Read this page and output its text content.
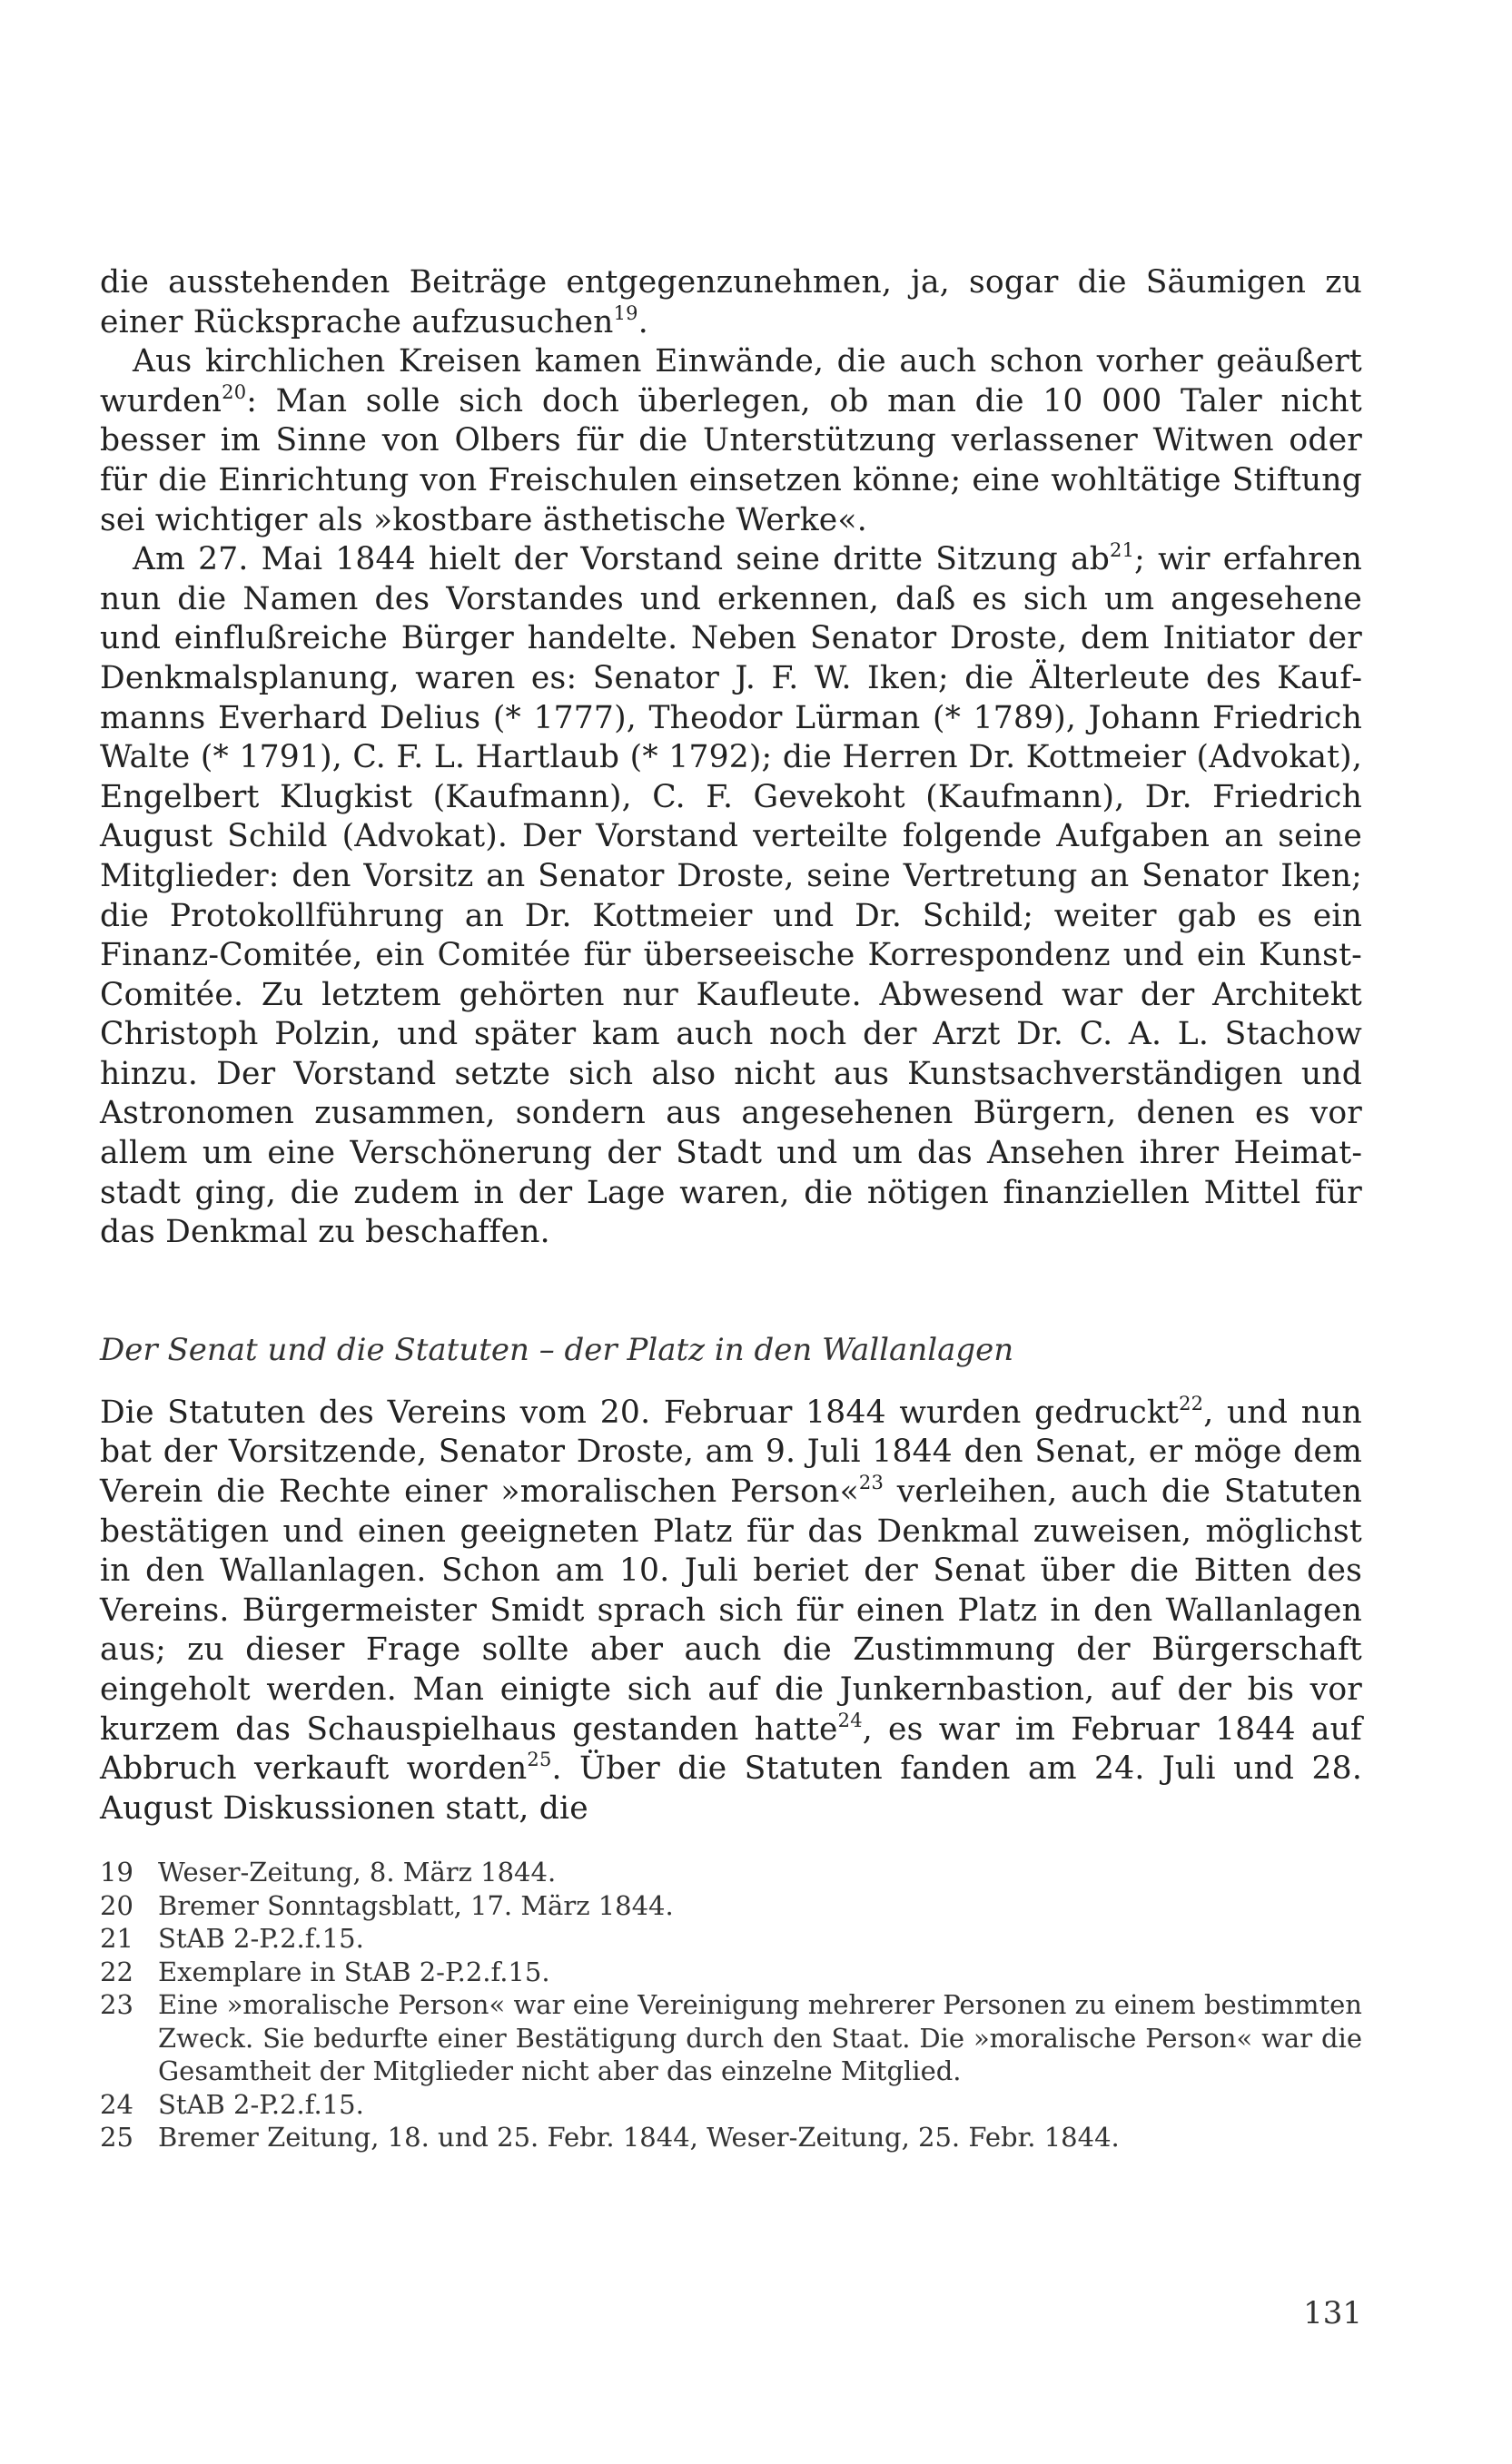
die ausstehenden Beiträge entgegenzunehmen, ja, sogar die Säumigen zu einer Rücksprache aufzusuchen$^{19}$.

Aus kirchlichen Kreisen kamen Einwände, die auch schon vorher geäußert wurden$^{20}$: Man solle sich doch überlegen, ob man die 10 000 Taler nicht besser im Sinne von Olbers für die Unterstützung verlassener Witwen oder für die Einrichtung von Freischulen einsetzen könne; eine wohltätige Stiftung sei wichtiger als »kostbare ästhetische Werke«.

Am 27. Mai 1844 hielt der Vorstand seine dritte Sitzung $ab^{21}$; wir erfahren nun die Namen des Vorstandes und erkennen, daß es sich um angesehene und einflußreiche Bürger handelte. Neben Senator Droste, dem Initiator der Denkmalsplanung, waren es: Senator J. F. W. Iken; die Älterleute des Kaufmanns Everhard Delius (* 1777), Theodor Lürman (* 1789), Johann Friedrich Walte (* 1791), C. F. L. Hartlaub (* 1792); die Herren Dr. Kottmeier (Advokat), Engelbert Klugkist (Kaufmann), C. F. Gevekoht (Kaufmann), Dr. Friedrich August Schild (Advokat). Der Vorstand verteilte folgende Aufgaben an seine Mitglieder: den Vorsitz an Senator Droste, seine Vertretung an Senator Iken; die Protokollführung an Dr. Kottmeier und Dr. Schild; weiter gab es ein Finanz-Comitée, ein Comitée für überseeische Korrespondenz und ein Kunst-Comitée. Zu letztem gehörten nur Kaufleute. Abwesend war der Architekt Christoph Polzin, und später kam auch noch der Arzt Dr. C. A. L. Stachow hinzu. Der Vorstand setzte sich also nicht aus Kunstsachverständigen und Astronomen zusammen, sondern aus angesehenen Bürgern, denen es vor allem um eine Verschönerung der Stadt und um das Ansehen ihrer Heimatstadt ging, die zudem in der Lage waren, die nötigen finanziellen Mittel für das Denkmal zu beschaffen.

Der Senat und die Statuten – der Platz in den Wallanlagen

Die Statuten des Vereins vom 20. Februar 1844 wurden gedruckt$^{22}$, und nun bat der Vorsitzende, Senator Droste, am 9. Juli 1844 den Senat, er möge dem Verein die Rechte einer »moralischen Person«$^{23}$ verleihen, auch die Statuten bestätigen und einen geeigneten Platz für das Denkmal zuweisen, möglichst in den Wallanlagen. Schon am 10. Juli beriet der Senat über die Bitten des Vereins. Bürgermeister Smidt sprach sich für einen Platz in den Wallanlagen aus; zu dieser Frage sollte aber auch die Zustimmung der Bürgerschaft eingeholt werden. Man einigte sich auf die Junkernbastion, auf der bis vor kurzem das Schauspielhaus gestanden hatte$^{24}$, es war im Februar 1844 auf Abbruch verkauft worden$^{25}$. Über die Statuten fanden am 24. Juli und 28. August Diskussionen statt, die

19 Weser-Zeitung, 8. März 1844.
20 Bremer Sonntagsblatt, 17. März 1844.
21 StAB 2-P.2.f.15.
22 Exemplare in StAB 2-P.2.f.15.
23 Eine »moralische Person« war eine Vereinigung mehrerer Personen zu einem bestimmten Zweck. Sie bedurfte einer Bestätigung durch den Staat. Die »moralische Person« war die Gesamtheit der Mitglieder nicht aber das einzelne Mitglied.
24 StAB 2-P.2.f.15.
25 Bremer Zeitung, 18. und 25. Febr. 1844, Weser-Zeitung, 25. Febr. 1844.
131
